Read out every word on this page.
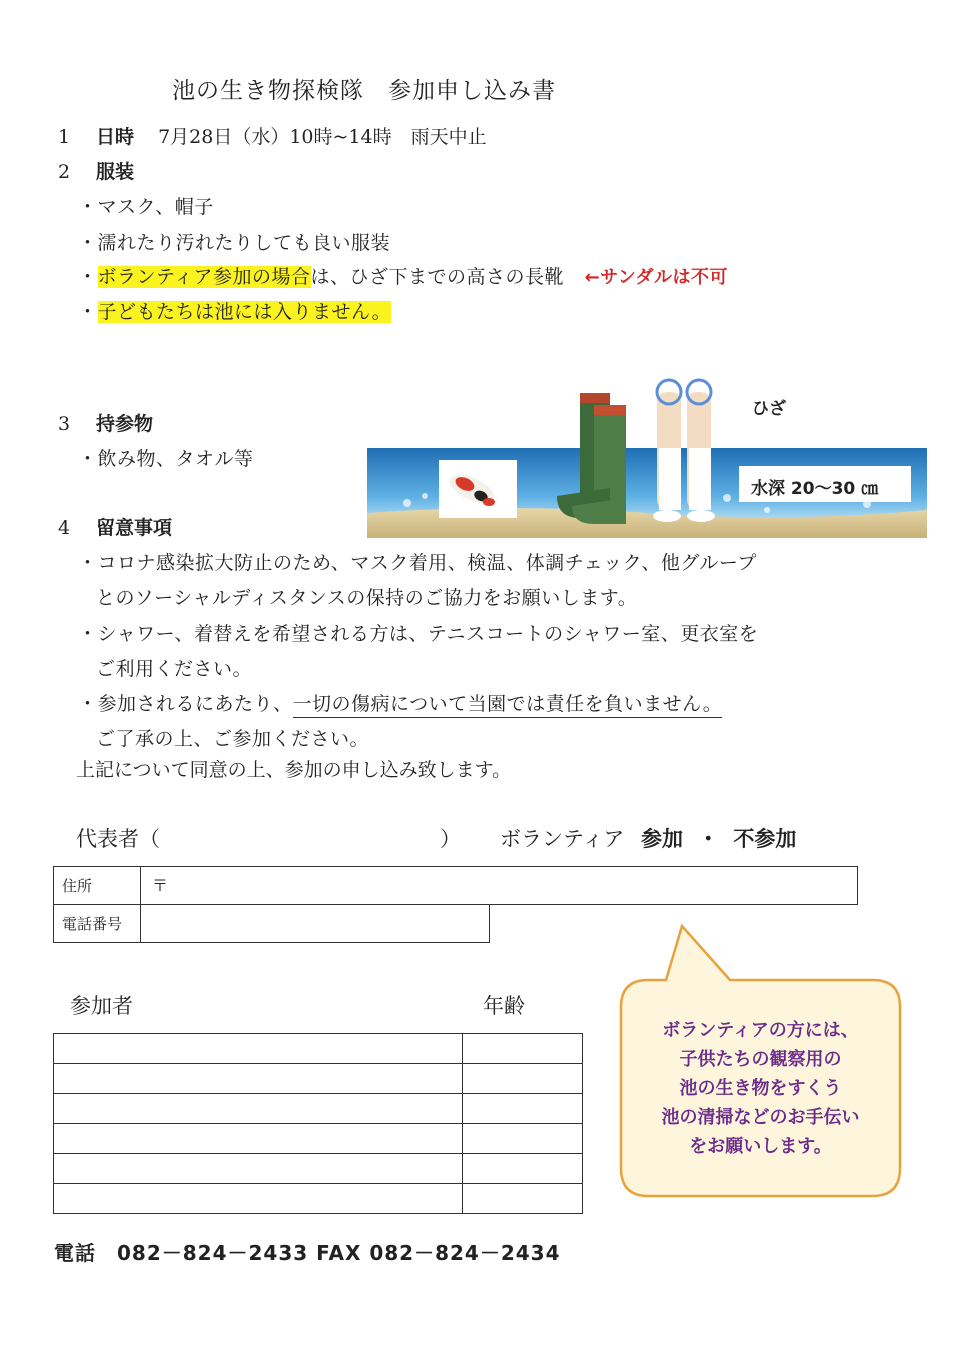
池の生き物探検隊　参加申し込み書
1 日時 7月28日（水）10時~14時　雨天中止
2 服装
・マスク、帽子
・濡れたり汚れたりしても良い服装
・ボランティア参加の場合は、ひざ下までの高さの長靴 ←サンダルは不可
・子どもたちは池には入りません。
3 持参物
・飲み物、タオル等
ひざ
水深 20～30 ㎝
4 留意事項
・コロナ感染拡大防止のため、マスク着用、検温、体調チェック、他グループ
とのソーシャルディスタンスの保持のご協力をお願いします。
・シャワー、着替えを希望される方は、テニスコートのシャワー室、更衣室を
ご利用ください。
・参加されるにあたり、一切の傷病について当園では責任を負いません。
ご了承の上、ご参加ください。
上記について同意の上、参加の申し込み致します。
代表者（	） ボランティア 参加 ・ 不参加
住所	〒
電話番号
参加者	年齢

ボランティアの方には、
子供たちの観察用の
池の生き物をすくう
池の清掃などのお手伝い
をお願いします。
電話　082－824－2433 FAX 082－824－2434
